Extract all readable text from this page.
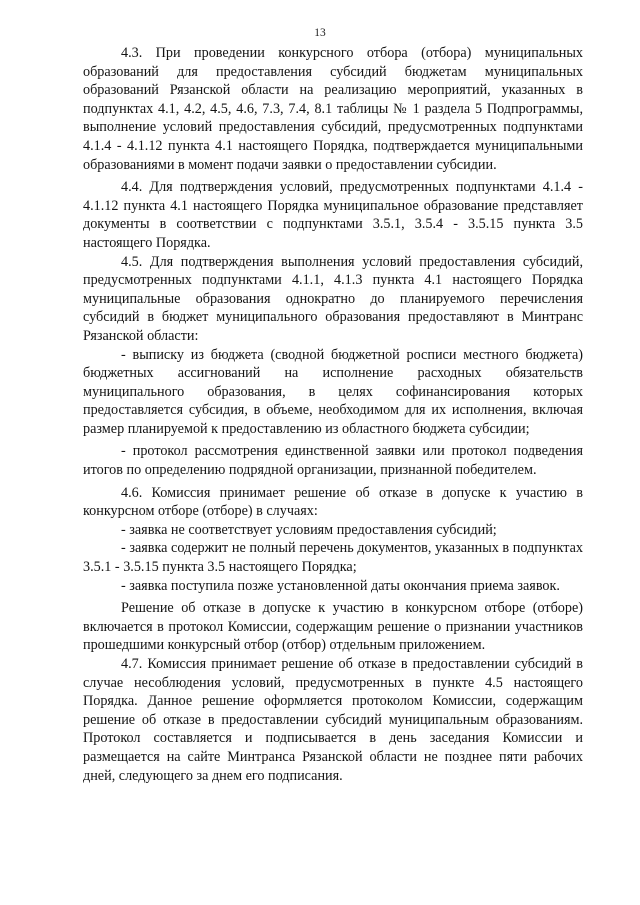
13

4.3. При проведении конкурсного отбора (отбора) муниципальных образований для предоставления субсидий бюджетам муниципальных образований Рязанской области на реализацию мероприятий, указанных в подпунктах 4.1, 4.2, 4.5, 4.6, 7.3, 7.4, 8.1 таблицы № 1 раздела 5 Подпрограммы, выполнение условий предоставления субсидий, предусмотренных подпунктами 4.1.4 - 4.1.12 пункта 4.1 настоящего Порядка, подтверждается муниципальными образованиями в момент подачи заявки о предоставлении субсидии.

4.4. Для подтверждения условий, предусмотренных подпунктами 4.1.4 - 4.1.12 пункта 4.1 настоящего Порядка муниципальное образование представляет документы в соответствии с подпунктами 3.5.1, 3.5.4 - 3.5.15 пункта 3.5 настоящего Порядка.

4.5. Для подтверждения выполнения условий предоставления субсидий, предусмотренных подпунктами 4.1.1, 4.1.3 пункта 4.1 настоящего Порядка муниципальные образования однократно до планируемого перечисления субсидий в бюджет муниципального образования предоставляют в Минтранс Рязанской области:

- выписку из бюджета (сводной бюджетной росписи местного бюджета) бюджетных ассигнований на исполнение расходных обязательств муниципального образования, в целях софинансирования которых предоставляется субсидия, в объеме, необходимом для их исполнения, включая размер планируемой к предоставлению из областного бюджета субсидии;

- протокол рассмотрения единственной заявки или протокол подведения итогов по определению подрядной организации, признанной победителем.

4.6. Комиссия принимает решение об отказе в допуске к участию в конкурсном отборе (отборе) в случаях:

- заявка не соответствует условиям предоставления субсидий;

- заявка содержит не полный перечень документов, указанных в подпунктах 3.5.1 - 3.5.15 пункта 3.5 настоящего Порядка;

- заявка поступила позже установленной даты окончания приема заявок.

Решение об отказе в допуске к участию в конкурсном отборе (отборе) включается в протокол Комиссии, содержащим решение о признании участников прошедшими конкурсный отбор (отбор) отдельным приложением.

4.7. Комиссия принимает решение об отказе в предоставлении субсидий в случае несоблюдения условий, предусмотренных в пункте 4.5 настоящего Порядка. Данное решение оформляется протоколом Комиссии, содержащим решение об отказе в предоставлении субсидий муниципальным образованиям. Протокол составляется и подписывается в день заседания Комиссии и размещается на сайте Минтранса Рязанской области не позднее пяти рабочих дней, следующего за днем его подписания.
